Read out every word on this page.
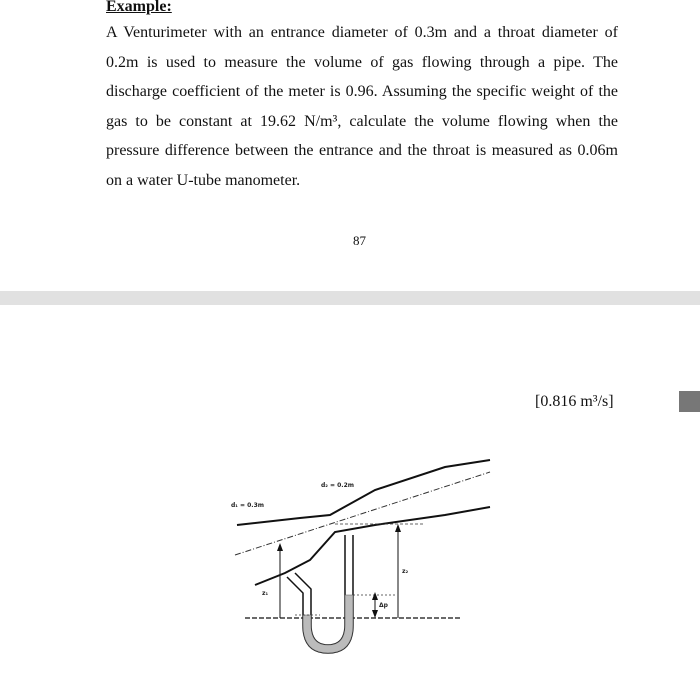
Example:

A Venturimeter with an entrance diameter of 0.3m and a throat diameter of 0.2m is used to measure the volume of gas flowing through a pipe. The discharge coefficient of the meter is 0.96. Assuming the specific weight of the gas to be constant at 19.62 N/m³, calculate the volume flowing when the pressure difference between the entrance and the throat is measured as 0.06m on a water U-tube manometer.

87
[0.816 m³/s]
d₁ = 0.3m
d₂ = 0.2m
z₁
z₂
Δp
